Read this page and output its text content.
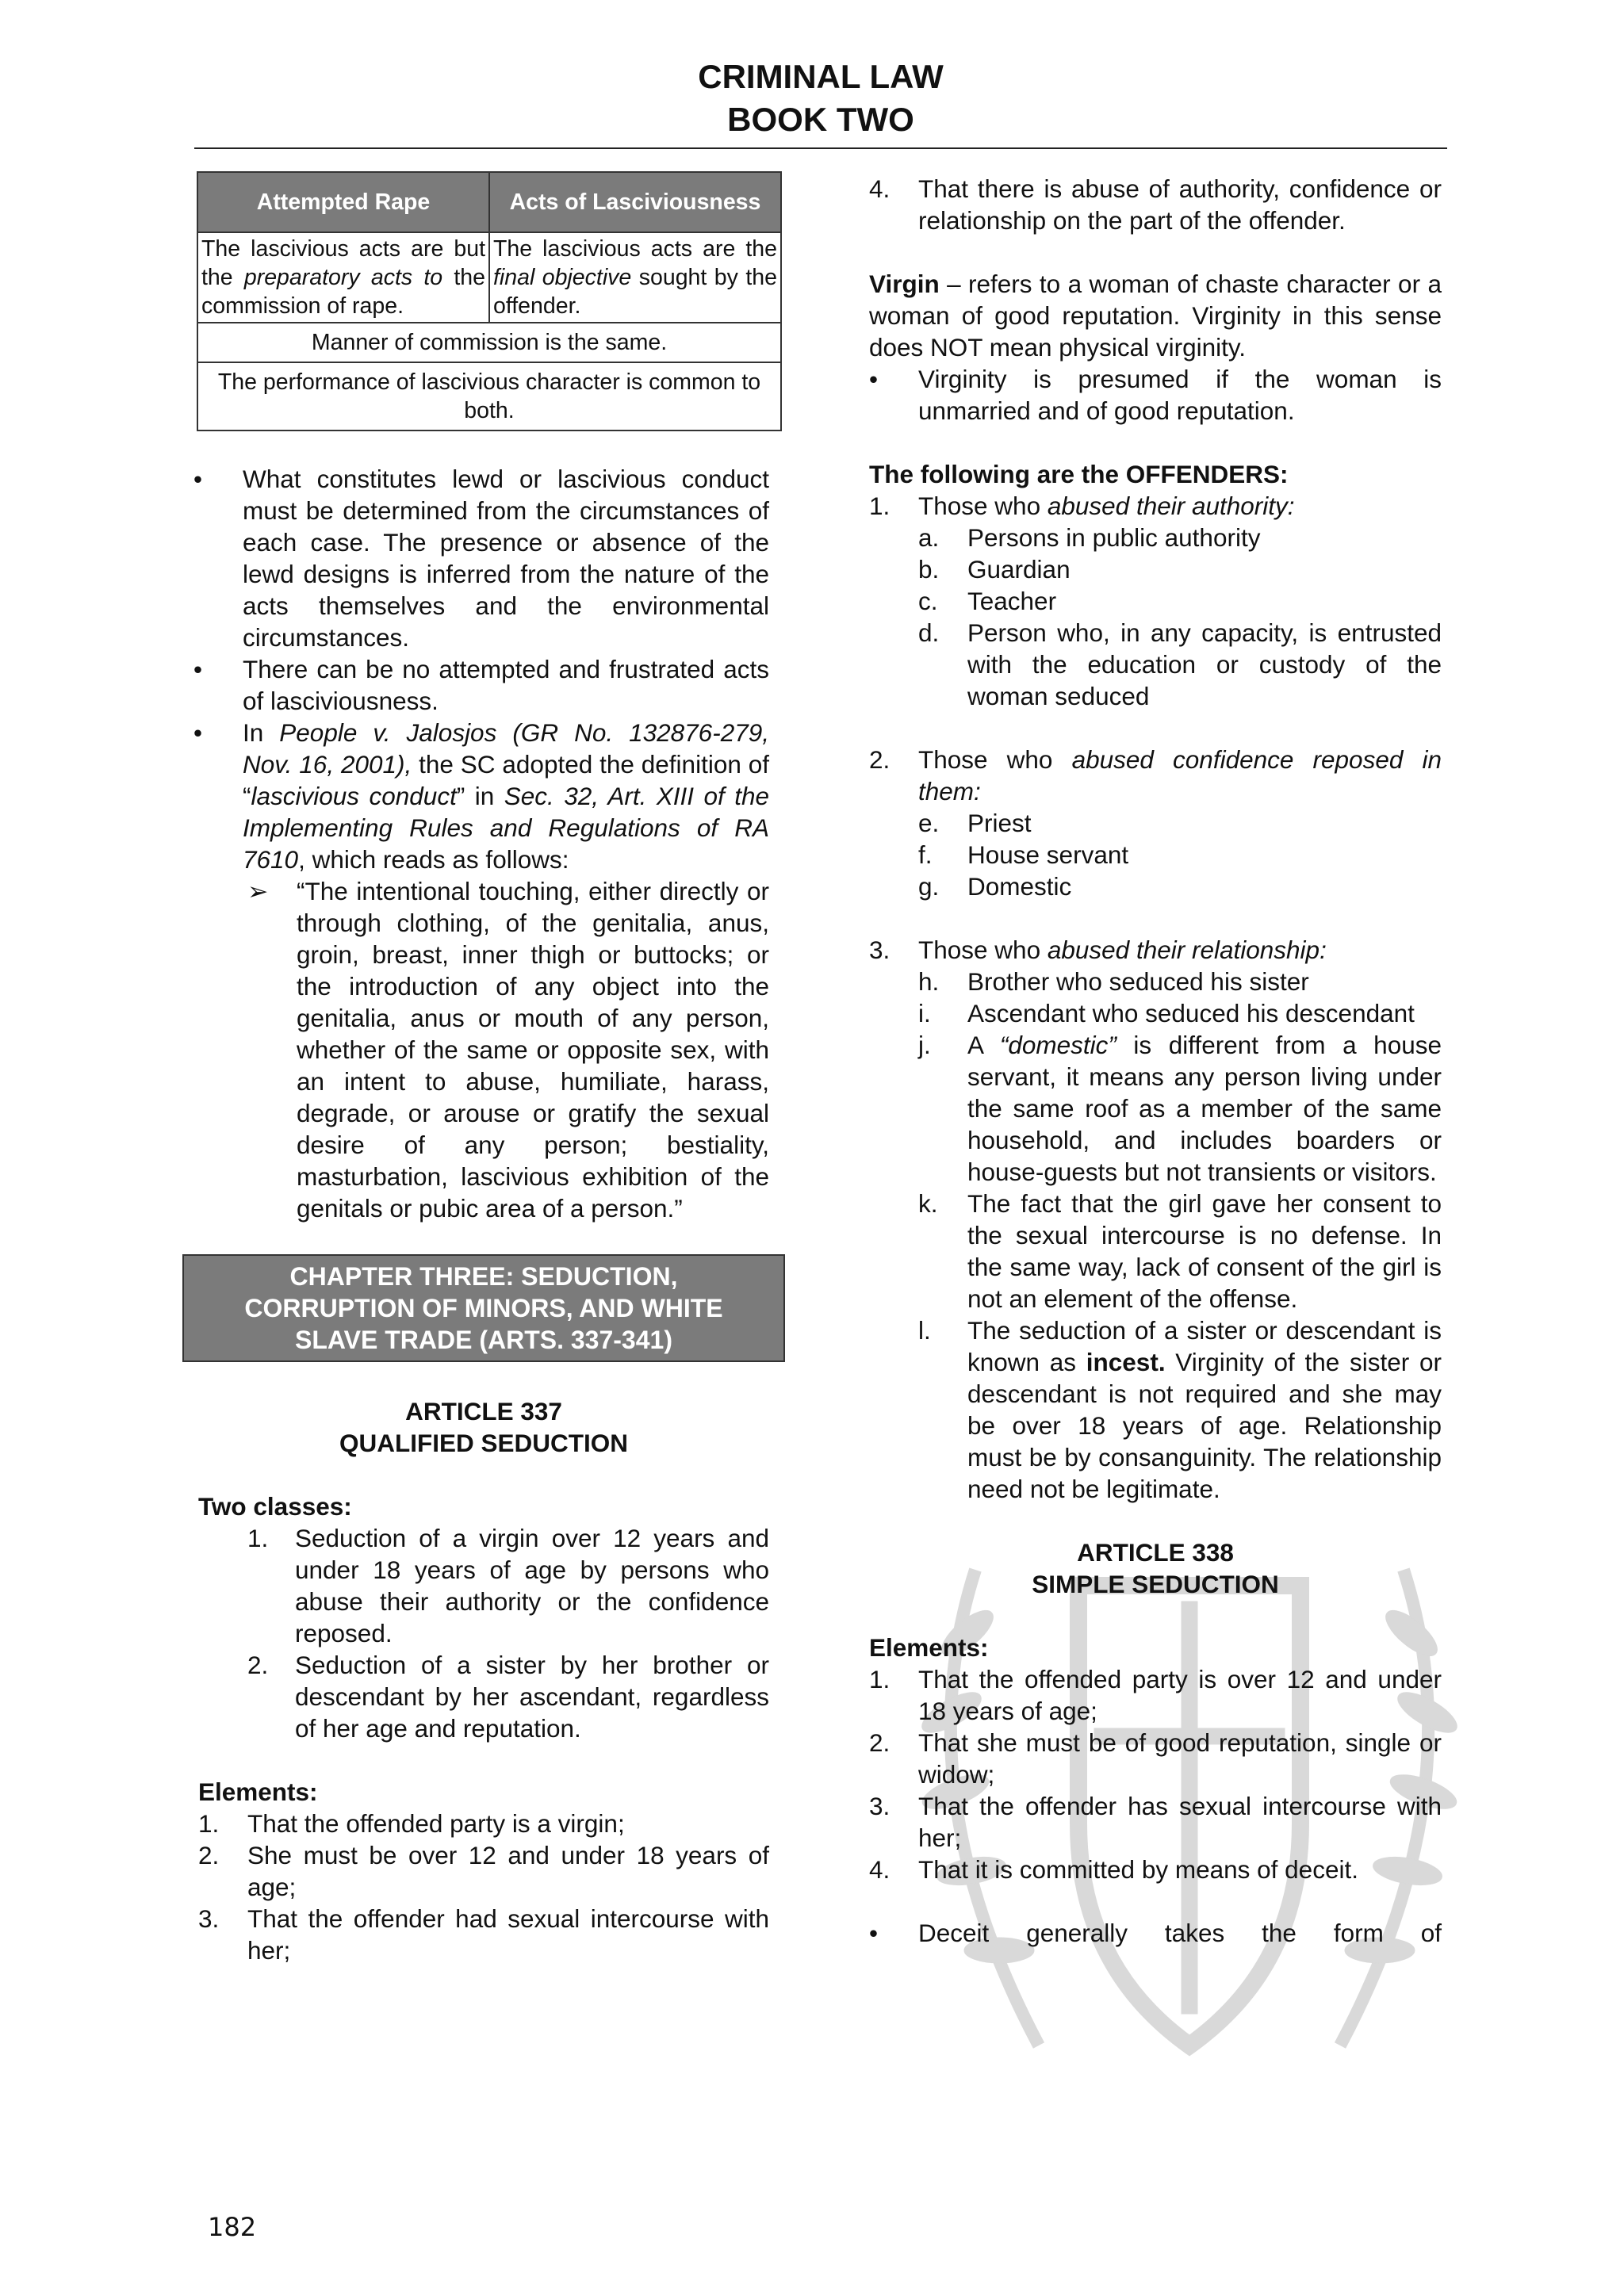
CRIMINAL LAW
BOOK TWO
Attempted Rape	Acts of Lasciviousness
The lascivious acts are but the preparatory acts to the commission of rape.	The lascivious acts are the final objective sought by the offender.
Manner of commission is the same.	
The performance of lascivious character is common to both.	
•	What constitutes lewd or lascivious conduct must be determined from the circumstances of each case. The presence or absence of the lewd designs is inferred from the nature of the acts themselves and the environmental circumstances.
•	There can be no attempted and frustrated acts of lasciviousness.
•	In People v. Jalosjos (GR No. 132876-279, Nov. 16, 2001), the SC adopted the definition of “lascivious conduct” in Sec. 32, Art. XIII of the Implementing Rules and Regulations of RA 7610, which reads as follows:
➢	“The intentional touching, either directly or through clothing, of the genitalia, anus, groin, breast, inner thigh or buttocks; or the introduction of any object into the genitalia, anus or mouth of any person, whether of the same or opposite sex, with an intent to abuse, humiliate, harass, degrade, or arouse or gratify the sexual desire of any person; bestiality, masturbation, lascivious exhibition of the genitals or pubic area of a person.”
CHAPTER THREE: SEDUCTION,
CORRUPTION OF MINORS, AND WHITE
SLAVE TRADE (ARTS. 337-341)
ARTICLE 337
QUALIFIED SEDUCTION

Two classes:

1.	Seduction of a virgin over 12 years and under 18 years of age by persons who abuse their authority or the confidence reposed.
2.	Seduction of a sister by her brother or descendant by her ascendant, regardless of her age and reputation.

Elements:

1.	That the offended party is a virgin;
2.	She must be over 12 and under 18 years of age;
3.	That the offender had sexual intercourse with her;
4.	That there is abuse of authority, confidence or relationship on the part of the offender.

Virgin – refers to a woman of chaste character or a woman of good reputation. Virginity in this sense does NOT mean physical virginity.

•	Virginity is presumed if the woman is unmarried and of good reputation.

The following are the OFFENDERS:

1.	Those who abused their authority:
a.	Persons in public authority
b.	Guardian
c.	Teacher
d.	Person who, in any capacity, is entrusted with the education or custody of the woman seduced
2.	Those who abused confidence reposed in them:
e.	Priest
f.	House servant
g.	Domestic
3.	Those who abused their relationship:
h.	Brother who seduced his sister
i.	Ascendant who seduced his descendant
j.	A “domestic” is different from a house servant, it means any person living under the same roof as a member of the same household, and includes boarders or house-guests but not transients or visitors.
k.	The fact that the girl gave her consent to the sexual intercourse is no defense. In the same way, lack of consent of the girl is not an element of the offense.
l.	The seduction of a sister or descendant is known as incest. Virginity of the sister or descendant is not required and she may be over 18 years of age. Relationship must be by consanguinity. The relationship need not be legitimate.
ARTICLE 338
SIMPLE SEDUCTION

Elements:

1.	That the offended party is over 12 and under 18 years of age;
2.	That she must be of good reputation, single or widow;
3.	That the offender has sexual intercourse with her;
4.	That it is committed by means of deceit.
•	Deceit generally takes the form of
182
